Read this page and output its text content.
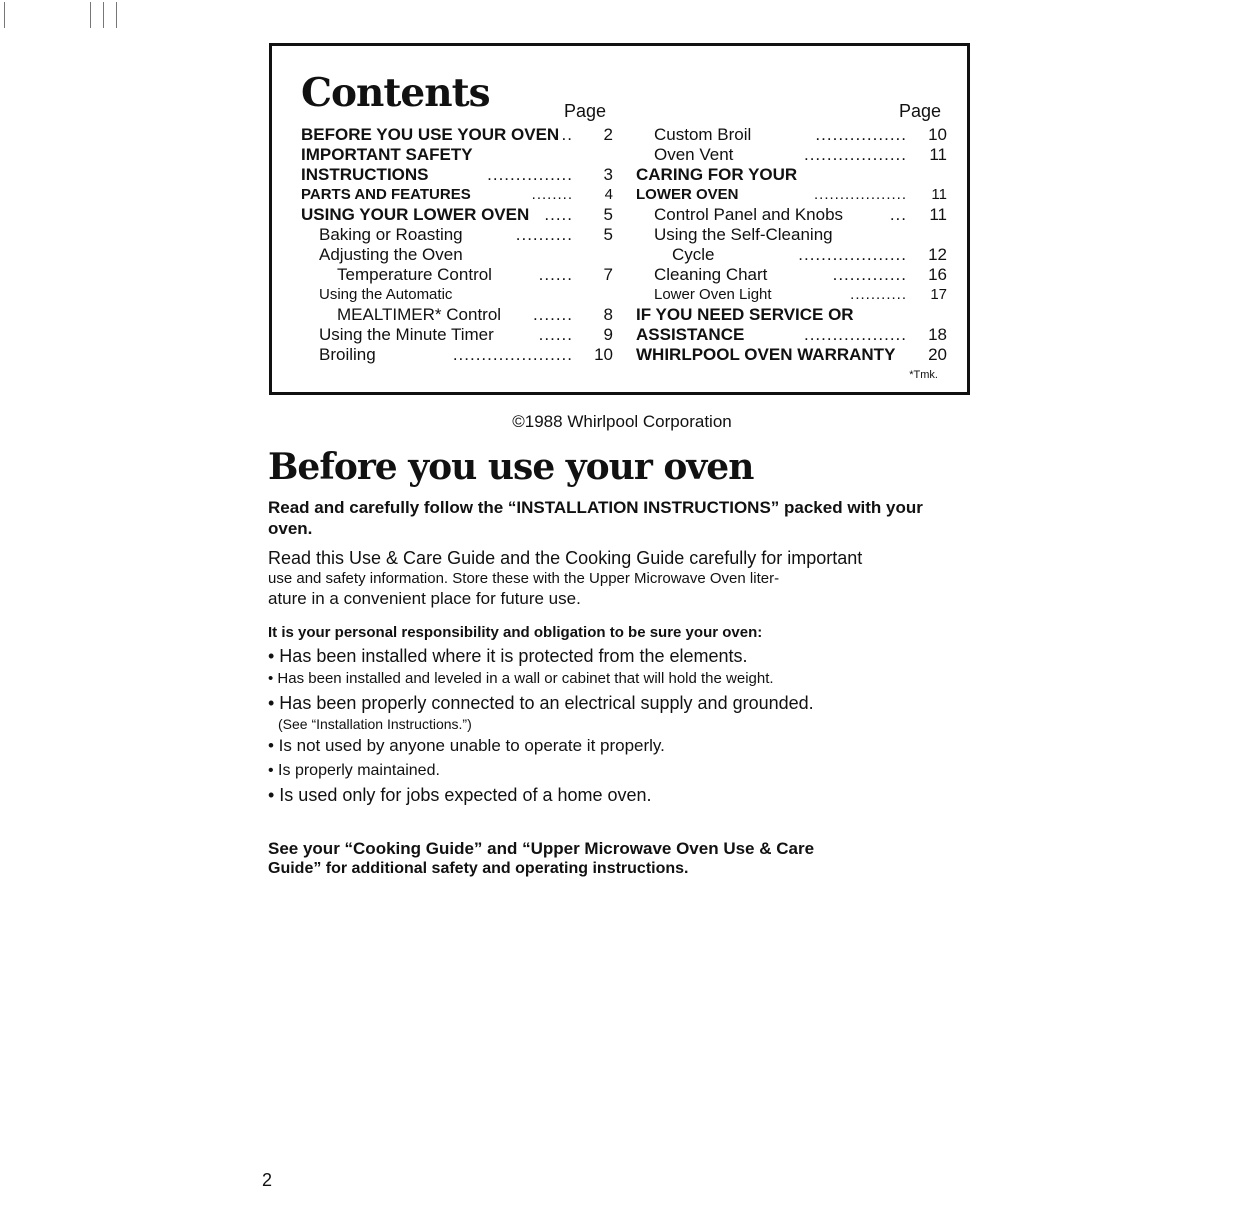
Contents	Page	Page
BEFORE YOU USE YOUR OVEN .. 2
IMPORTANT SAFETY
INSTRUCTIONS	............... 3
PARTS AND FEATURES	........ 4
USING YOUR LOWER OVEN ..... 5
Baking or Roasting	.......... 5
Adjusting the Oven
Temperature Control	...... 7
Using the Automatic
MEALTIMER* Control ....... 8
Using the Minute Timer	...... 9
Broiling	..................... 10
Custom Broil	................ 10
Oven Vent	.................. 11
CARING FOR YOUR
LOWER OVEN	.................. 11
Control Panel and Knobs	... 11
Using the Self-Cleaning
Cycle	................... 12
Cleaning Chart	............. 16
Lower Oven Light	........... 17
IF YOU NEED SERVICE OR
ASSISTANCE	.................. 18
WHIRLPOOL OVEN WARRANTY 20
*Tmk.
©1988 Whirlpool Corporation
Before you use your oven

Read and carefully follow the “INSTALLATION INSTRUCTIONS” packed with your oven.

Read this Use & Care Guide and the Cooking Guide carefully for important

use and safety information. Store these with the Upper Microwave Oven liter-

ature in a convenient place for future use.

It is your personal responsibility and obligation to be sure your oven:

• Has been installed where it is protected from the elements.
• Has been installed and leveled in a wall or cabinet that will hold the weight.
• Has been properly connected to an electrical supply and grounded.
(See “Installation Instructions.”)
• Is not used by anyone unable to operate it properly.
• Is properly maintained.
• Is used only for jobs expected of a home oven.

See your “Cooking Guide” and “Upper Microwave Oven Use & Care

Guide” for additional safety and operating instructions.

2
